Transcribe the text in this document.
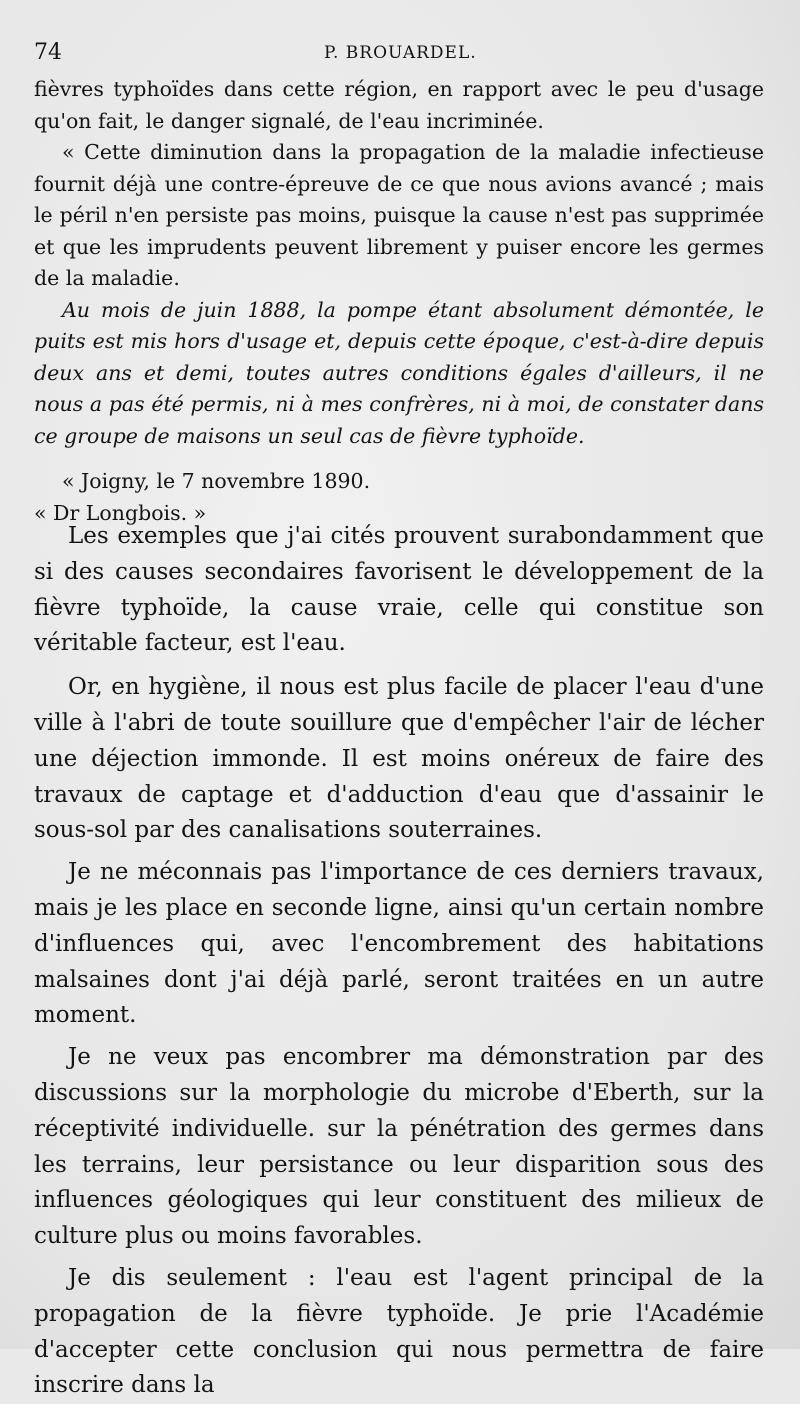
74	P. BROUARDEL.

fièvres typhoïdes dans cette région, en rapport avec le peu d'usage qu'on fait, le danger signalé, de l'eau incriminée.

« Cette diminution dans la propagation de la maladie infectieuse fournit déjà une contre-épreuve de ce que nous avions avancé ; mais le péril n'en persiste pas moins, puisque la cause n'est pas supprimée et que les imprudents peuvent librement y puiser encore les germes de la maladie.

Au mois de juin 1888, la pompe étant absolument démontée, le puits est mis hors d'usage et, depuis cette époque, c'est-à-dire depuis deux ans et demi, toutes autres conditions égales d'ailleurs, il ne nous a pas été permis, ni à mes confrères, ni à moi, de constater dans ce groupe de maisons un seul cas de fièvre typhoïde.

« Joigny, le 7 novembre 1890.

« Dr Longbois. »

Les exemples que j'ai cités prouvent surabondamment que si des causes secondaires favorisent le développement de la fièvre typhoïde, la cause vraie, celle qui constitue son véritable facteur, est l'eau.

Or, en hygiène, il nous est plus facile de placer l'eau d'une ville à l'abri de toute souillure que d'empêcher l'air de lécher une déjection immonde. Il est moins onéreux de faire des travaux de captage et d'adduction d'eau que d'assainir le sous-sol par des canalisations souterraines.

Je ne méconnais pas l'importance de ces derniers travaux, mais je les place en seconde ligne, ainsi qu'un certain nombre d'influences qui, avec l'encombrement des habitations malsaines dont j'ai déjà parlé, seront traitées en un autre moment.

Je ne veux pas encombrer ma démonstration par des discussions sur la morphologie du microbe d'Eberth, sur la réceptivité individuelle. sur la pénétration des germes dans les terrains, leur persistance ou leur disparition sous des influences géologiques qui leur constituent des milieux de culture plus ou moins favorables.

Je dis seulement : l'eau est l'agent principal de la propagation de la fièvre typhoïde. Je prie l'Académie d'accepter cette conclusion qui nous permettra de faire inscrire dans la
